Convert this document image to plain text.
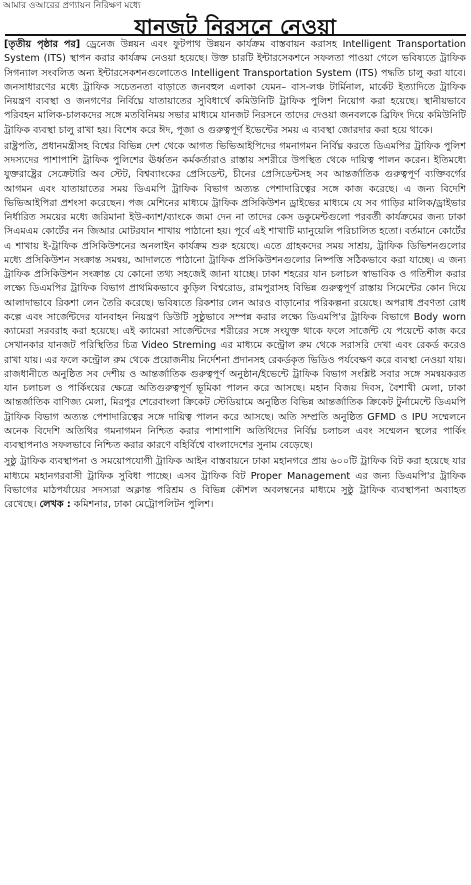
আমার ওআরের প্রণ্যায়ন নিরিক্ষণ মধ্যে
যানজট নিরসনে নেওয়া

[তৃতীয় পৃষ্ঠার পর] ড্রেনেজ উন্নয়ন এবং ফুটপাথ উন্নয়ন কার্যক্রম বাস্তবায়ন করাসহ Intelligent Transportation System (ITS) স্থাপন করার কার্যক্রম নেওয়া হয়েছে। উক্ত চারটি ইন্টারসেকশনে সফলতা পাওয়া গেলে ভবিষ্যতে ট্রাফিক সিগন্যাল সংবলিত অন্য ইন্টারসেকশনগুলোতেও Intelligent Transportation System (ITS) পদ্ধতি চালু করা যাবে। জনসাধারণের মধ্যে ট্রাফিক সচেতনতা বাড়াতে জনবহুল এলাকা যেমন– বাস-লঞ্চ টার্মিনাল, মার্কেট ইত্যাদিতে ট্রাফিক নিয়ন্ত্রণ ব্যবস্থা ও জনগণের নির্বিঘ্নে যাতায়াতের সুবিধার্থে কমিউনিটি ট্রাফিক পুলিশ নিয়োগ করা হয়েছে। স্থানীয়ভাবে পরিবহন মালিক-চালকদের সঙ্গে মতবিনিময় সভার মাধ্যমে যানজট নিরসনে তাদের দেওয়া জনবলকে ব্রিফিং দিয়ে কমিউনিটি ট্রাফিক ব্যবস্থা চালু রাখা হয়। বিশেষ করে ঈদ, পূজা ও গুরুত্বপূর্ণ ইভেন্টের সময় এ ব্যবস্থা জোরদার করা হয়ে থাকে।

রাষ্ট্রপতি, প্রধানমন্ত্রীসহ বিশ্বের বিভিন্ন দেশ থেকে আগত ভিভিআইপিদের গমনাগমন নির্বিঘ্ন করতে ডিএমপির ট্রাফিক পুলিশ সদস্যদের পাশাপাশি ট্রাফিক পুলিশের ঊর্ধ্বতন কর্মকর্তারাও রাস্তায় সশরীরে উপস্থিত থেকে দায়িত্ব পালন করেন। ইতিমধ্যে যুক্তরাষ্ট্রের সেক্রেটারি অব স্টেট, বিশ্বব্যাংকের প্রেসিডেন্ট, চীনের প্রেসিডেন্টসহ সব আন্তর্জাতিক গুরুত্বপূর্ণ ব্যক্তিবর্গের আগমন এবং যাতায়াতের সময় ডিএমপি ট্রাফিক বিভাগ অত্যন্ত পেশাদারিত্বের সঙ্গে কাজ করেছে। এ জন্য বিদেশি ভিভিআইপিরা প্রশংসা করেছেন। পজ মেশিনের মাধ্যমে ট্রাফিক প্রসিকিউশন ড্রাইভের মাধ্যমে যে সব গাড়ির মালিক/ড্রাইভার নির্ধারিত সময়ের মধ্যে জরিমানা ইউ-ক্যাশ/ব্যাংকে জমা দেন না তাদের কেস ডকুমেন্টগুলো পরবর্তী কার্যক্রমের জন্য ঢাকা সিএমএম কোর্টের নন জিআর মোটরযান শাখায় পাঠানো হয়। পূর্বে এই শাখাটি ম্যানুয়েলি পরিচালিত হতো। বর্তমানে কোর্টের এ শাখায় ই-ট্রাফিক প্রসিকিউশনের অনলাইন কার্যক্রম শুরু হয়েছে। এতে গ্রাহকদের সময় সাশ্রয়, ট্রাফিক ডিভিশনগুলোর মধ্যে প্রসিকিউশন সংক্রান্ত সমন্বয়, আদালতে পাঠানো ট্রাফিক প্রসিকিউশনগুলোর নিষ্পত্তি সঠিকভাবে করা যাচ্ছে। এ জন্য ট্রাফিক প্রসিকিউশন সংক্রান্ত যে কোনো তথ্য সহজেই জানা যাচ্ছে। ঢাকা শহরের যান চলাচল স্বাভাবিক ও গতিশীল করার লক্ষ্যে ডিএমপির ট্রাফিক বিভাগ প্রাথমিকভাবে কুড়িল বিশ্বরোড, রামপুরাসহ বিভিন্ন গুরুত্বপূর্ণ রাস্তায় সিমেন্টের কোন দিয়ে আলাদাভাবে রিকশা লেন তৈরি করেছে। ভবিষ্যতে রিকশার লেন আরও বাড়ানোর পরিকল্পনা রয়েছে। অপরাধ প্রবণতা রোধ কল্পে এবং সার্জেন্টদের যানবাহন নিয়ন্ত্রণ ডিউটি সুষ্ঠুভাবে সম্পন্ন করার লক্ষ্যে ডিএমপি'র ট্রাফিক বিভাগে Body worn ক্যামেরা সরবরাহ করা হয়েছে। এই ক্যামেরা সার্জেন্টদের শরীরের সঙ্গে সংযুক্ত থাকে ফলে সার্জেন্ট যে পয়েন্টে কাজ করে সেখানকার যানজট পরিস্থিতির চিত্র Video Streming এর মাধ্যমে কন্ট্রোল রুম থেকে সরাসরি দেখা এবং রেকর্ড করেও রাখা যায়। এর ফলে কন্ট্রোল রুম থেকে প্রয়োজনীয় নির্দেশনা প্রদানসহ রেকর্ডকৃত ভিডিও পর্যবেক্ষণ করে ব্যবস্থা নেওয়া যায়। রাজধানীতে অনুষ্ঠিত সব দেশীয় ও আন্তর্জাতিক গুরুত্বপূর্ণ অনুষ্ঠান/ইভেন্টে ট্রাফিক বিভাগ সংশ্লিষ্ট সবার সঙ্গে সমন্বয়করত যান চলাচল ও পার্কিংয়ের ক্ষেত্রে অতিগুরুত্বপূর্ণ ভূমিকা পালন করে আসছে। মহান বিজয় দিবস, বৈশাখী মেলা, ঢাকা আন্তর্জাতিক বাণিজ্য মেলা, মিরপুর শেরেবাংলা ক্রিকেট স্টেডিয়ামে অনুষ্ঠিত বিভিন্ন আন্তর্জাতিক ক্রিকেট টুর্নামেন্টে ডিএমপি ট্রাফিক বিভাগ অত্যন্ত পেশাদারিত্বের সঙ্গে দায়িত্ব পালন করে আসছে। অতি সম্প্রতি অনুষ্ঠিত GFMD ও IPU সম্মেলনে অনেক বিদেশি অতিথির গমনাগমন নিশ্চিত করার পাশাপাশি অতিথিদের নির্বিঘ্ন চলাচল এবং সম্মেলন স্থলের পার্কিং ব্যবস্থাপনাও সফলভাবে নিশ্চিত করার কারণে বহির্বিশ্বে বাংলাদেশের সুনাম বেড়েছে।

সুষ্ঠু ট্রাফিক ব্যবস্থাপনা ও সময়োপযোগী ট্রাফিক আইন বাস্তবায়নে ঢাকা মহানগরে প্রায় ৬০০টি ট্রাফিক বিট করা হয়েছে যার মাধ্যমে মহানগরবাসী ট্রাফিক সুবিধা পাচ্ছে। এসব ট্রাফিক বিট Proper Management এর জন্য ডিএমপি'র ট্রাফিক বিভাগের মাঠপর্যায়ের সদস্যরা অক্লান্ত পরিশ্রম ও বিভিন্ন কৌশল অবলম্বনের মাধ্যমে সুষ্ঠু ট্রাফিক ব্যবস্থাপনা অব্যাহত রেখেছে। লেখক : কমিশনার, ঢাকা মেট্রোপলিটন পুলিশ।
